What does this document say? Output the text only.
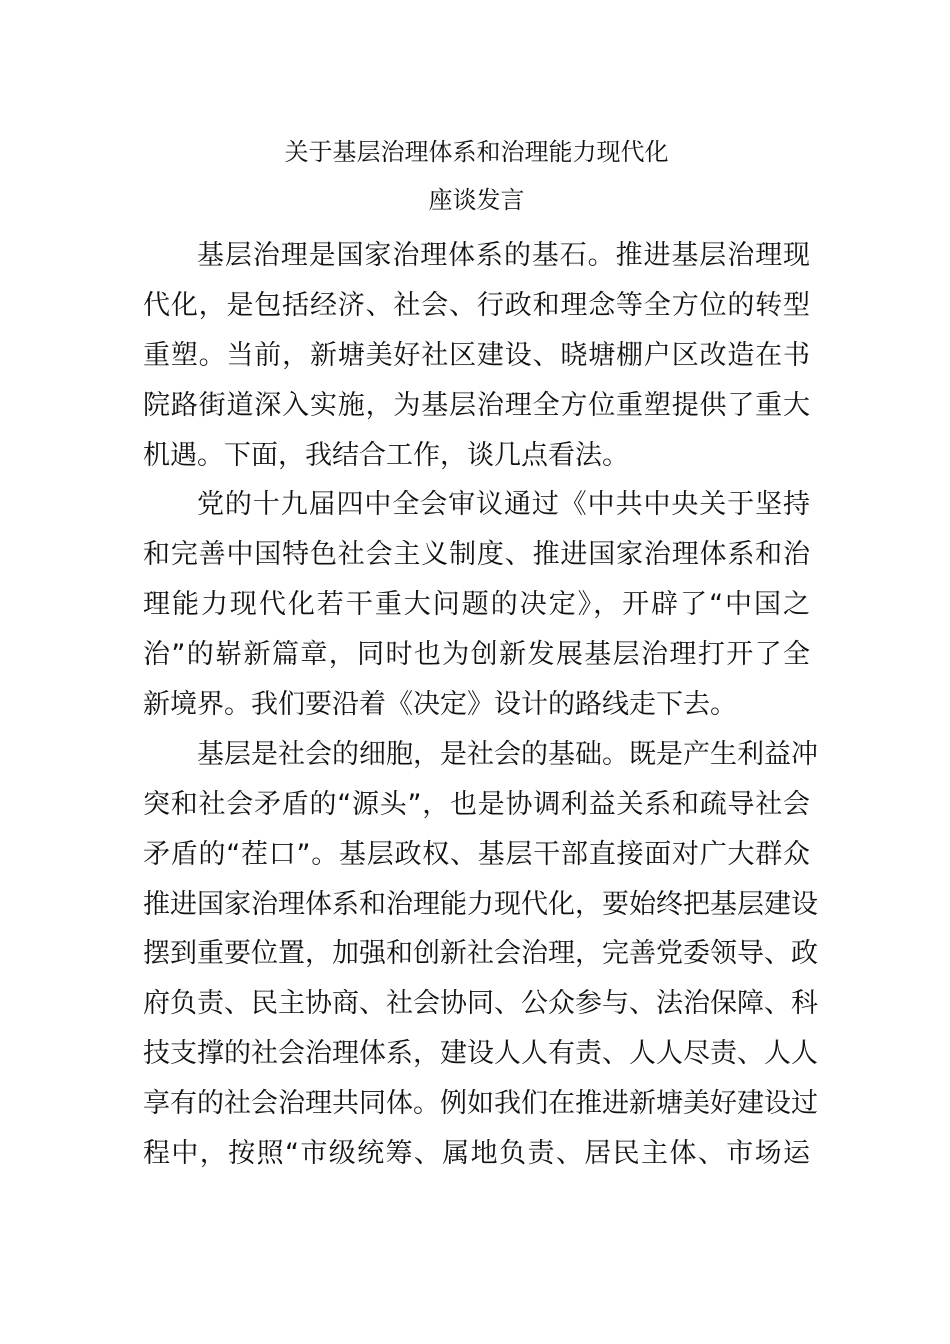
关于基层治理体系和治理能力现代化
座谈发言
基层治理是国家治理体系的基石。推进基层治理现
代化，是包括经济、社会、行政和理念等全方位的转型
重塑。当前，新塘美好社区建设、晓塘棚户区改造在书
院路街道深入实施，为基层治理全方位重塑提供了重大
机遇。下面，我结合工作，谈几点看法。
党的十九届四中全会审议通过《中共中央关于坚持
和完善中国特色社会主义制度、推进国家治理体系和治
理能力现代化若干重大问题的决定》，开辟了“中国之
治”的崭新篇章，同时也为创新发展基层治理打开了全
新境界。我们要沿着《决定》设计的路线走下去。
基层是社会的细胞，是社会的基础。既是产生利益冲
突和社会矛盾的“源头”，也是协调利益关系和疏导社会
矛盾的“茬口”。基层政权、基层干部直接面对广大群众
推进国家治理体系和治理能力现代化，要始终把基层建设
摆到重要位置，加强和创新社会治理，完善党委领导、政
府负责、民主协商、社会协同、公众参与、法治保障、科
技支撑的社会治理体系，建设人人有责、人人尽责、人人
享有的社会治理共同体。例如我们在推进新塘美好建设过
程中，按照“市级统筹、属地负责、居民主体、市场运
